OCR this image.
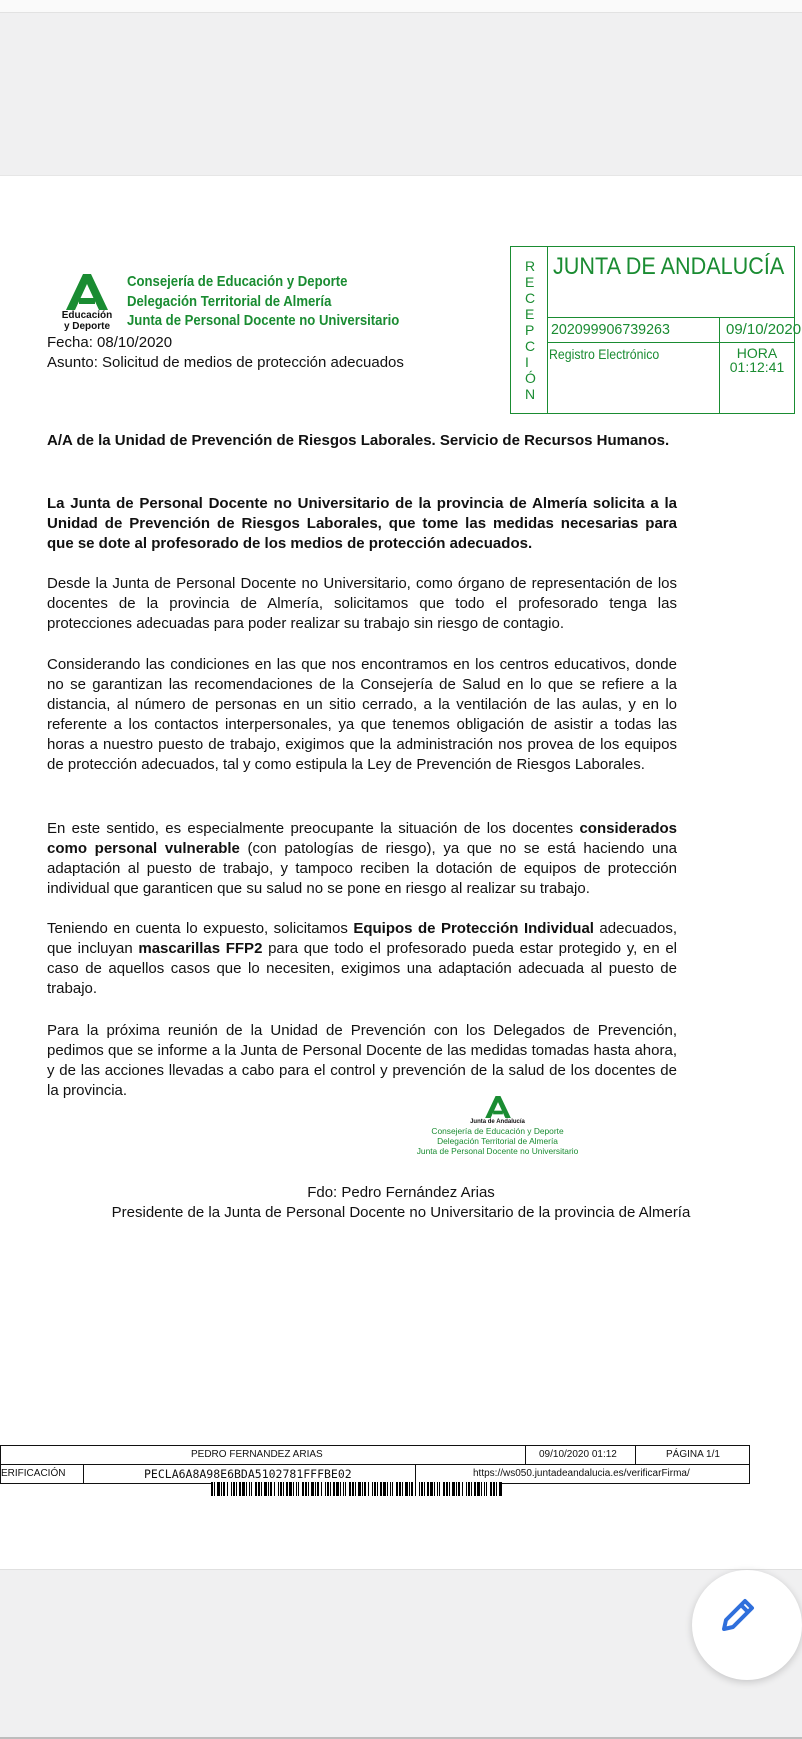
Educación
y Deporte
Consejería de Educación y Deporte
Delegación Territorial de Almería
Junta de Personal Docente no Universitario
R
E
C
E
P
C
I
Ó
N
JUNTA DE ANDALUCÍA
202099906739263	09/10/2020
Registro Electrónico	HORA
01:12:41
Fecha: 08/10/2020
Asunto: Solicitud de medios de protección adecuados
A/A de la Unidad de Prevención de Riesgos Laborales. Servicio de Recursos Humanos.
La Junta de Personal Docente no Universitario de la provincia de Almería solicita a la Unidad de Prevención de Riesgos Laborales, que tome las medidas necesarias para que se dote al profesorado de los medios de protección adecuados.
Desde la Junta de Personal Docente no Universitario, como órgano de representación de los docentes de la provincia de Almería, solicitamos que todo el profesorado tenga las protecciones adecuadas para poder realizar su trabajo sin riesgo de contagio.
Considerando las condiciones en las que nos encontramos en los centros educativos, donde no se garantizan las recomendaciones de la Consejería de Salud en lo que se refiere a la distancia, al número de personas en un sitio cerrado, a la ventilación de las aulas, y en lo referente a los contactos interpersonales, ya que tenemos obligación de asistir a todas las horas a nuestro puesto de trabajo, exigimos que la administración nos provea de los equipos de protección adecuados, tal y como estipula la Ley de Prevención de Riesgos Laborales.
En este sentido, es especialmente preocupante la situación de los docentes considerados como personal vulnerable (con patologías de riesgo), ya que no se está haciendo una adaptación al puesto de trabajo, y tampoco reciben la dotación de equipos de protección individual que garanticen que su salud no se pone en riesgo al realizar su trabajo.
Teniendo en cuenta lo expuesto, solicitamos Equipos de Protección Individual adecuados, que incluyan mascarillas FFP2 para que todo el profesorado pueda estar protegido y, en el caso de aquellos casos que lo necesiten, exigimos una adaptación adecuada al puesto de trabajo.
Para la próxima reunión de la Unidad de Prevención con los Delegados de Prevención, pedimos que se informe a la Junta de Personal Docente de las medidas tomadas hasta ahora, y de las acciones llevadas a cabo para el control y prevención de la salud de los docentes de la provincia.
Junta de Andalucía
Consejería de Educación y Deporte
Delegación Territorial de Almería
Junta de Personal Docente no Universitario
Fdo: Pedro Fernández Arias
Presidente de la Junta de Personal Docente no Universitario de la provincia de Almería
PEDRO FERNANDEZ ARIAS	09/10/2020 01:12	PÁGINA 1/1
ERIFICACIÓN	PECLA6A8A98E6BDA5102781FFFBE02	https://ws050.juntadeandalucia.es/verificarFirma/
